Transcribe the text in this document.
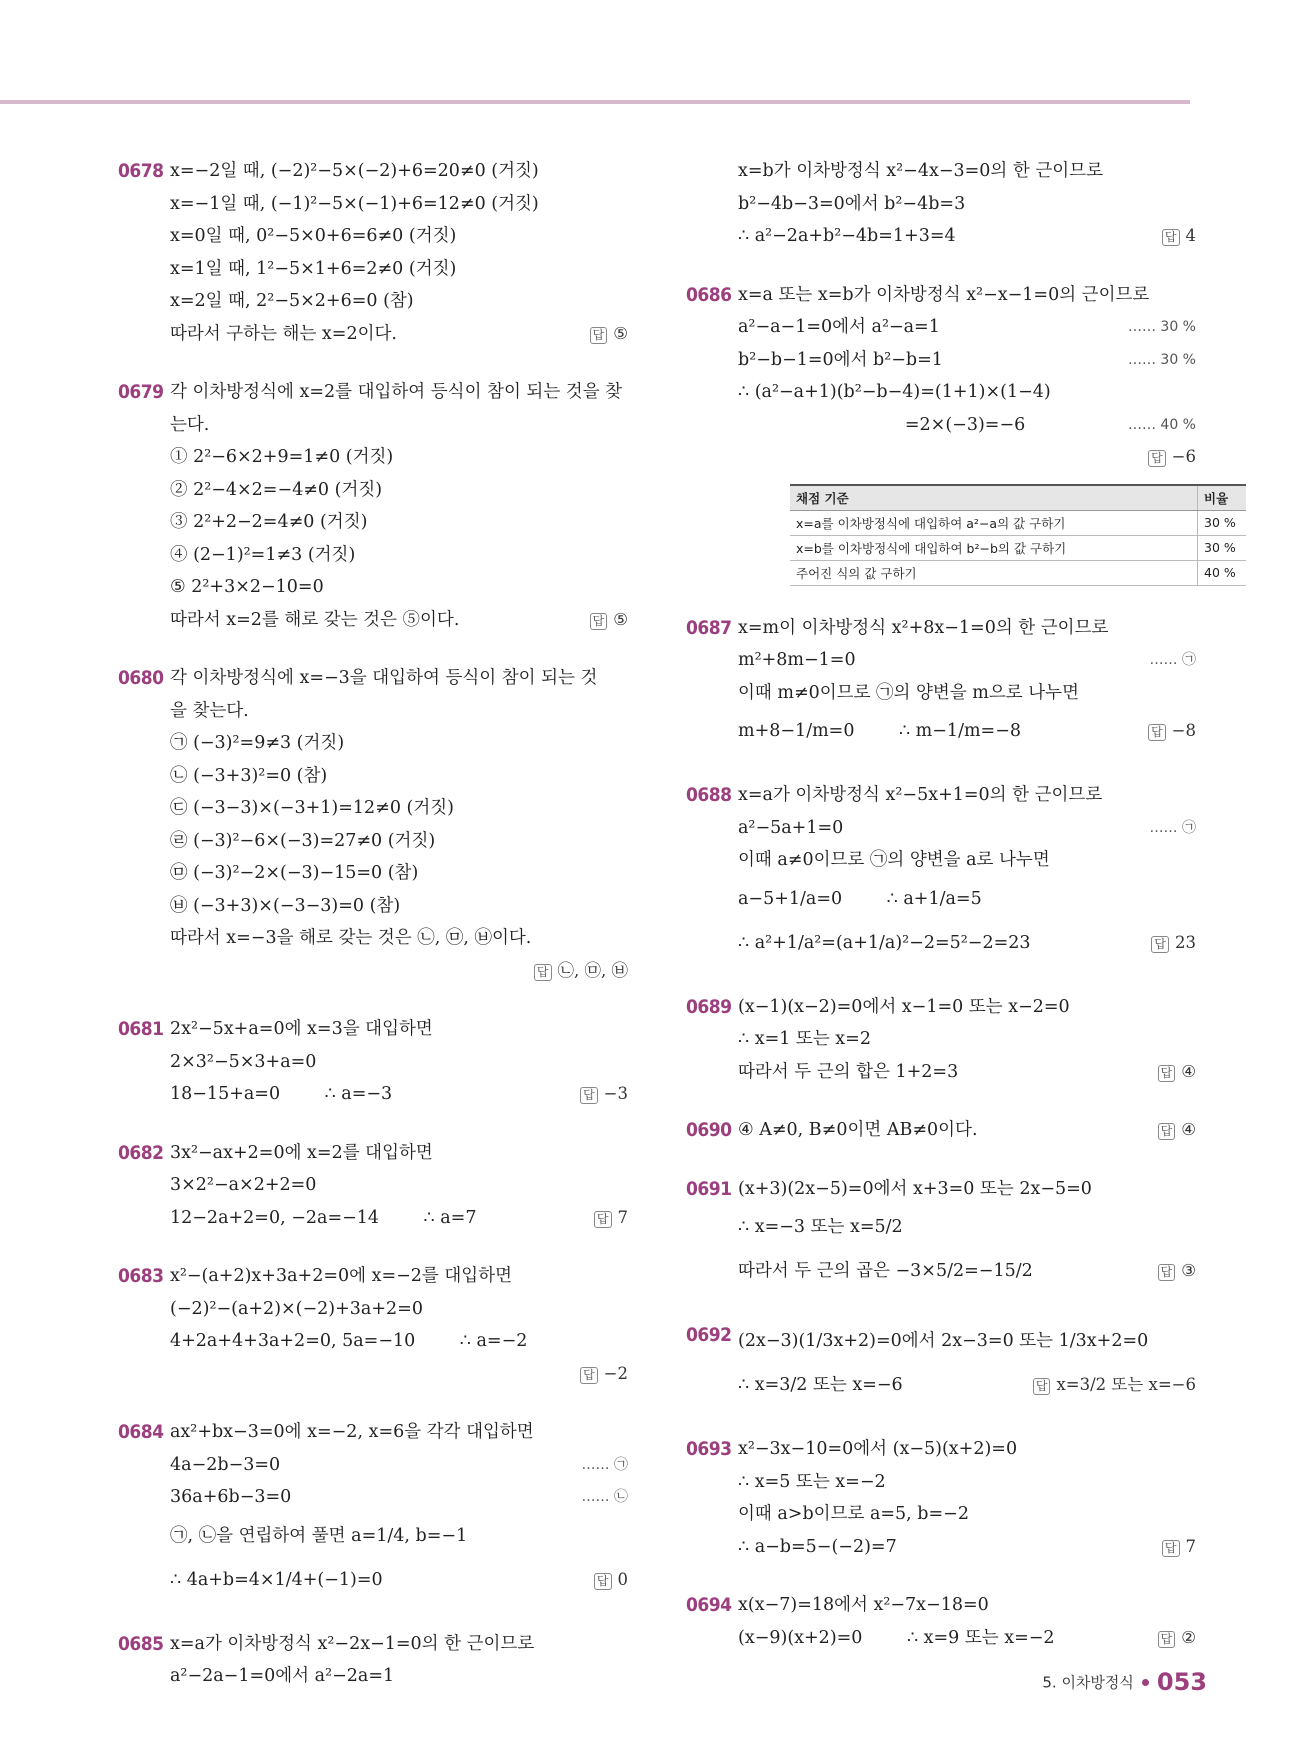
0678 x=−2일 때, (−2)²−5×(−2)+6=20≠0 (거짓)
x=−1일 때, (−1)²−5×(−1)+6=12≠0 (거짓)
x=0일 때, 0²−5×0+6=6≠0 (거짓)
x=1일 때, 1²−5×1+6=2≠0 (거짓)
x=2일 때, 2²−5×2+6=0 (참)
따라서 구하는 해는 x=2이다.	답 ⑤
0679 각 이차방정식에 x=2를 대입하여 등식이 참이 되는 것을 찾
는다.
① 2²−6×2+9=1≠0 (거짓)
② 2²−4×2=−4≠0 (거짓)
③ 2²+2−2=4≠0 (거짓)
④ (2−1)²=1≠3 (거짓)
⑤ 2²+3×2−10=0
따라서 x=2를 해로 갖는 것은 ⑤이다.	답 ⑤
0680 각 이차방정식에 x=−3을 대입하여 등식이 참이 되는 것
을 찾는다.
㉠ (−3)²=9≠3 (거짓)
㉡ (−3+3)²=0 (참)
㉢ (−3−3)×(−3+1)=12≠0 (거짓)
㉣ (−3)²−6×(−3)=27≠0 (거짓)
㉤ (−3)²−2×(−3)−15=0 (참)
㉥ (−3+3)×(−3−3)=0 (참)
따라서 x=−3을 해로 갖는 것은 ㉡, ㉤, ㉥이다.
답 ㉡, ㉤, ㉥
0681 2x²−5x+a=0에 x=3을 대입하면
2×3²−5×3+a=0
18−15+a=0        ∴ a=−3	답 −3
0682 3x²−ax+2=0에 x=2를 대입하면
3×2²−a×2+2=0
12−2a+2=0, −2a=−14        ∴ a=7	답 7
0683 x²−(a+2)x+3a+2=0에 x=−2를 대입하면
(−2)²−(a+2)×(−2)+3a+2=0
4+2a+4+3a+2=0, 5a=−10        ∴ a=−2
답 −2
0684 ax²+bx−3=0에 x=−2, x=6을 각각 대입하면
4a−2b−3=0	…… ㉠
36a+6b−3=0	…… ㉡
㉠, ㉡을 연립하여 풀면 a=1/4, b=−1
∴ 4a+b=4×1/4+(−1)=0	답 0
0685 x=a가 이차방정식 x²−2x−1=0의 한 근이므로
a²−2a−1=0에서 a²−2a=1
x=b가 이차방정식 x²−4x−3=0의 한 근이므로
b²−4b−3=0에서 b²−4b=3
∴ a²−2a+b²−4b=1+3=4	답 4
0686 x=a 또는 x=b가 이차방정식 x²−x−1=0의 근이므로
a²−a−1=0에서 a²−a=1	…… 30 %
b²−b−1=0에서 b²−b=1	…… 30 %
∴ (a²−a+1)(b²−b−4)=(1+1)×(1−4)
=2×(−3)=−6	…… 40 %
답 −6
채점 기준	비율
x=a를 이차방정식에 대입하여 a²−a의 값 구하기	30 %
x=b를 이차방정식에 대입하여 b²−b의 값 구하기	30 %
주어진 식의 값 구하기	40 %
0687 x=m이 이차방정식 x²+8x−1=0의 한 근이므로
m²+8m−1=0	…… ㉠
이때 m≠0이므로 ㉠의 양변을 m으로 나누면
m+8−1/m=0        ∴ m−1/m=−8	답 −8
0688 x=a가 이차방정식 x²−5x+1=0의 한 근이므로
a²−5a+1=0	…… ㉠
이때 a≠0이므로 ㉠의 양변을 a로 나누면
a−5+1/a=0        ∴ a+1/a=5
∴ a²+1/a²=(a+1/a)²−2=5²−2=23	답 23
0689 (x−1)(x−2)=0에서 x−1=0 또는 x−2=0
∴ x=1 또는 x=2
따라서 두 근의 합은 1+2=3	답 ④
0690 ④ A≠0, B≠0이면 AB≠0이다.	답 ④
0691 (x+3)(2x−5)=0에서 x+3=0 또는 2x−5=0
∴ x=−3 또는 x=5/2
따라서 두 근의 곱은 −3×5/2=−15/2	답 ③
0692 (2x−3)(1/3x+2)=0에서 2x−3=0 또는 1/3x+2=0
∴ x=3/2 또는 x=−6	답 x=3/2 또는 x=−6
0693 x²−3x−10=0에서 (x−5)(x+2)=0
∴ x=5 또는 x=−2
이때 a>b이므로 a=5, b=−2
∴ a−b=5−(−2)=7	답 7
0694 x(x−7)=18에서 x²−7x−18=0
(x−9)(x+2)=0        ∴ x=9 또는 x=−2	답 ②
5. 이차방정식 053
